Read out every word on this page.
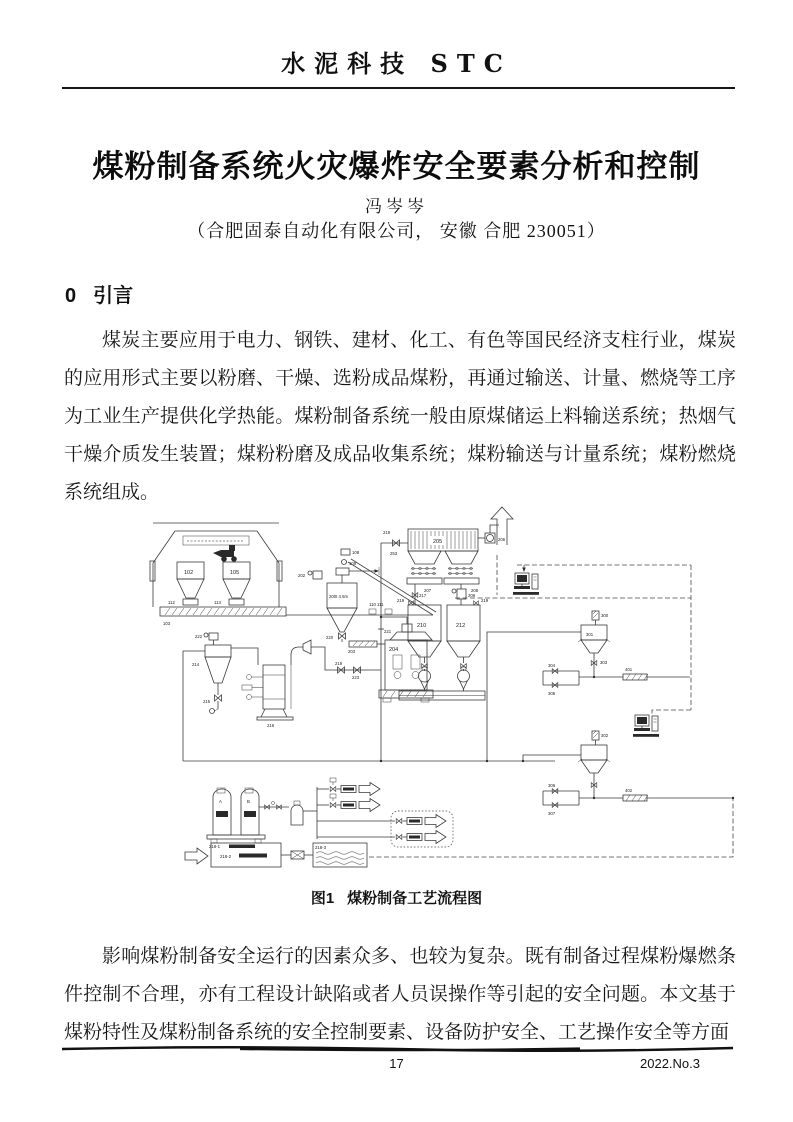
水泥科技 STC
煤粉制备系统火灾爆炸安全要素分析和控制
冯岑岑
（合肥固泰自动化有限公司， 安徽 合肥 230051）
0 引言

煤炭主要应用于电力、钢铁、建材、化工、有色等国民经济支柱行业，煤炭的应用形式主要以粉磨、干燥、选粉成品煤粉，再通过输送、计量、燃烧等工序为工业生产提供化学热能。煤粉制备系统一般由原煤储运上料输送系统；热烟气干燥介质发生装置；煤粉粉磨及成品收集系统；煤粉输送与计量系统；煤粉燃烧系统组成。

102	105
112	113
103
110 111
108
109
202
200t 4.5m
220
203	204
221
222
214
215
219
223
216
219
253
205
207	208
206
217
219
210
209
219
212
300
301
303
304
305
401
302
306
307
402
A	B
218-1
218-2
218-3
图1 煤粉制备工艺流程图

影响煤粉制备安全运行的因素众多、也较为复杂。既有制备过程煤粉爆燃条件控制不合理，亦有工程设计缺陷或者人员误操作等引起的安全问题。本文基于煤粉特性及煤粉制备系统的安全控制要素、设备防护安全、工艺操作安全等方面

17	2022.No.3
